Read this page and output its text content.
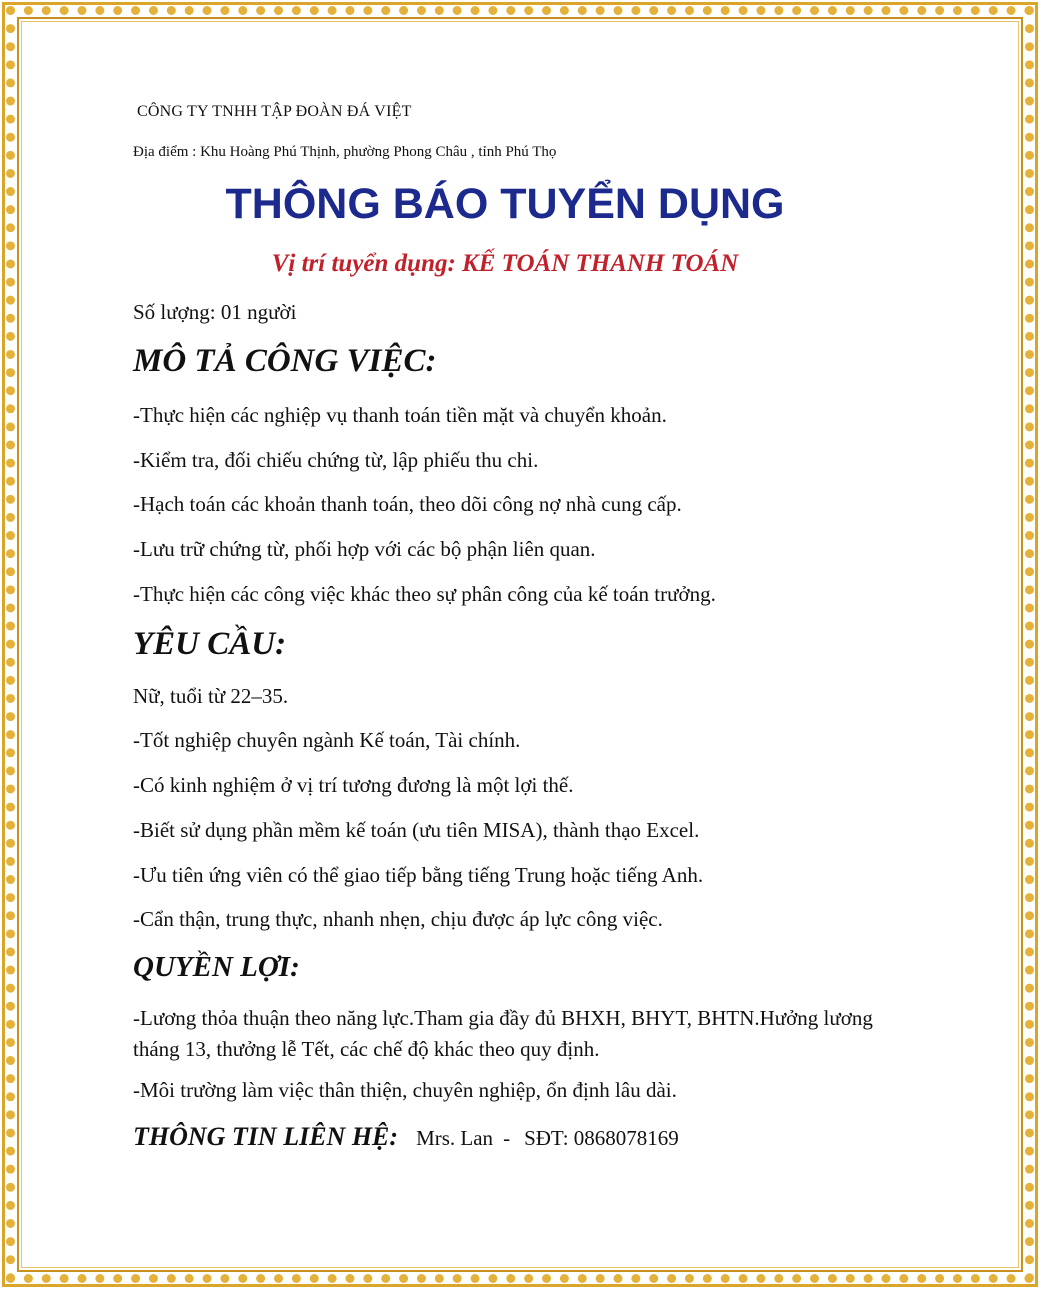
CÔNG TY TNHH TẬP ĐOÀN ĐÁ VIỆT
Địa điểm : Khu Hoàng Phú Thịnh, phường Phong Châu , tỉnh Phú Thọ
THÔNG BÁO TUYỂN DỤNG
Vị trí tuyển dụng: KẾ TOÁN THANH TOÁN
Số lượng: 01 người
MÔ TẢ CÔNG VIỆC:
-Thực hiện các nghiệp vụ thanh toán tiền mặt và chuyển khoản.
-Kiểm tra, đối chiếu chứng từ, lập phiếu thu chi.
-Hạch toán các khoản thanh toán, theo dõi công nợ nhà cung cấp.
-Lưu trữ chứng từ, phối hợp với các bộ phận liên quan.
-Thực hiện các công việc khác theo sự phân công của kế toán trưởng.
YÊU CẦU:
Nữ, tuổi từ 22–35.
-Tốt nghiệp chuyên ngành Kế toán, Tài chính.
-Có kinh nghiệm ở vị trí tương đương là một lợi thế.
-Biết sử dụng phần mềm kế toán (ưu tiên MISA), thành thạo Excel.
-Ưu tiên ứng viên có thể giao tiếp bằng tiếng Trung hoặc tiếng Anh.
-Cẩn thận, trung thực, nhanh nhẹn, chịu được áp lực công việc.
QUYỀN LỢI:
-Lương thỏa thuận theo năng lực.Tham gia đầy đủ BHXH, BHYT, BHTN.Hưởng lương tháng 13, thưởng lễ Tết, các chế độ khác theo quy định.
-Môi trường làm việc thân thiện, chuyên nghiệp, ổn định lâu dài.
THÔNG TIN LIÊN HỆ: Mrs. Lan - SĐT: 0868078169
